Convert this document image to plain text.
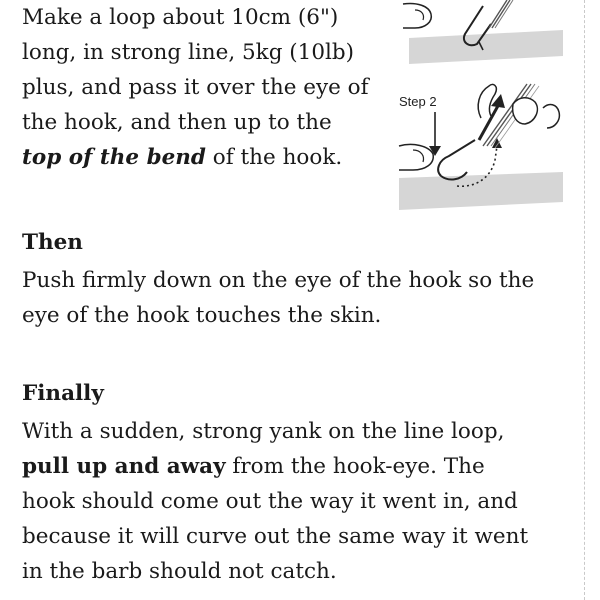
Make a loop about 10cm (6")
long, in strong line, 5kg (10lb)
plus, and pass it over the eye of
the hook, and then up to the
top of the bend of the hook.

Step 2
Then

Push firmly down on the eye of the hook so the
eye of the hook touches the skin.

Finally

With a sudden, strong yank on the line loop,
pull up and away from the hook-eye. The
hook should come out the way it went in, and
because it will curve out the same way it went
in the barb should not catch.
